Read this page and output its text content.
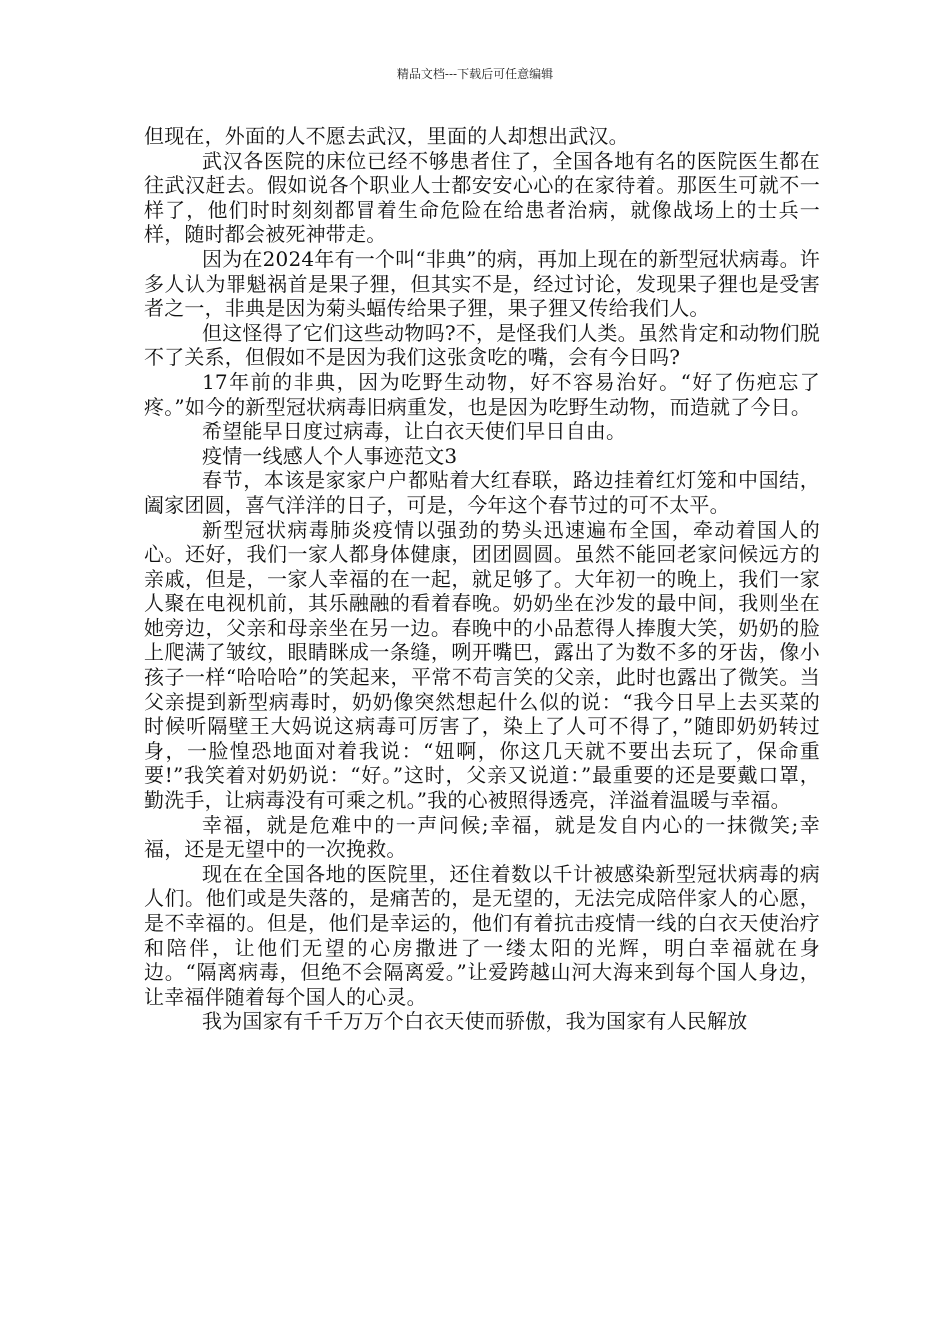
精品文档---下载后可任意编辑

但现在，外面的人不愿去武汉，里面的人却想出武汉。

武汉各医院的床位已经不够患者住了，全国各地有名的医院医生都在往武汉赶去。假如说各个职业人士都安安心心的在家待着。那医生可就不一样了，他们时时刻刻都冒着生命危险在给患者治病，就像战场上的士兵一样，随时都会被死神带走。

因为在2024年有一个叫“非典”的病，再加上现在的新型冠状病毒。许多人认为罪魁祸首是果子狸，但其实不是，经过讨论，发现果子狸也是受害者之一，非典是因为菊头蝠传给果子狸，果子狸又传给我们人。

但这怪得了它们这些动物吗?不，是怪我们人类。虽然肯定和动物们脱不了关系，但假如不是因为我们这张贪吃的嘴，会有今日吗?

17年前的非典，因为吃野生动物，好不容易治好。“好了伤疤忘了疼。”如今的新型冠状病毒旧病重发，也是因为吃野生动物，而造就了今日。

希望能早日度过病毒，让白衣天使们早日自由。

疫情一线感人个人事迹范文3

春节，本该是家家户户都贴着大红春联，路边挂着红灯笼和中国结，阖家团圆，喜气洋洋的日子，可是，今年这个春节过的可不太平。

新型冠状病毒肺炎疫情以强劲的势头迅速遍布全国，牵动着国人的心。还好，我们一家人都身体健康，团团圆圆。虽然不能回老家问候远方的亲戚，但是，一家人幸福的在一起，就足够了。大年初一的晚上，我们一家人聚在电视机前，其乐融融的看着春晚。奶奶坐在沙发的最中间，我则坐在她旁边，父亲和母亲坐在另一边。春晚中的小品惹得人捧腹大笑，奶奶的脸上爬满了皱纹，眼睛眯成一条缝，咧开嘴巴，露出了为数不多的牙齿，像小孩子一样“哈哈哈”的笑起来，平常不苟言笑的父亲，此时也露出了微笑。当父亲提到新型病毒时，奶奶像突然想起什么似的说：“我今日早上去买菜的时候听隔壁王大妈说这病毒可厉害了，染上了人可不得了，”随即奶奶转过身，一脸惶恐地面对着我说：“妞啊，你这几天就不要出去玩了，保命重要!”我笑着对奶奶说：“好。”这时，父亲又说道：”最重要的还是要戴口罩，勤洗手，让病毒没有可乘之机。”我的心被照得透亮，洋溢着温暖与幸福。

幸福，就是危难中的一声问候;幸福，就是发自内心的一抹微笑;幸福，还是无望中的一次挽救。

现在在全国各地的医院里，还住着数以千计被感染新型冠状病毒的病人们。他们或是失落的，是痛苦的，是无望的，无法完成陪伴家人的心愿，是不幸福的。但是，他们是幸运的，他们有着抗击疫情一线的白衣天使治疗和陪伴，让他们无望的心房撒进了一缕太阳的光辉，明白幸福就在身边。“隔离病毒，但绝不会隔离爱。”让爱跨越山河大海来到每个国人身边，让幸福伴随着每个国人的心灵。

我为国家有千千万万个白衣天使而骄傲，我为国家有人民解放
